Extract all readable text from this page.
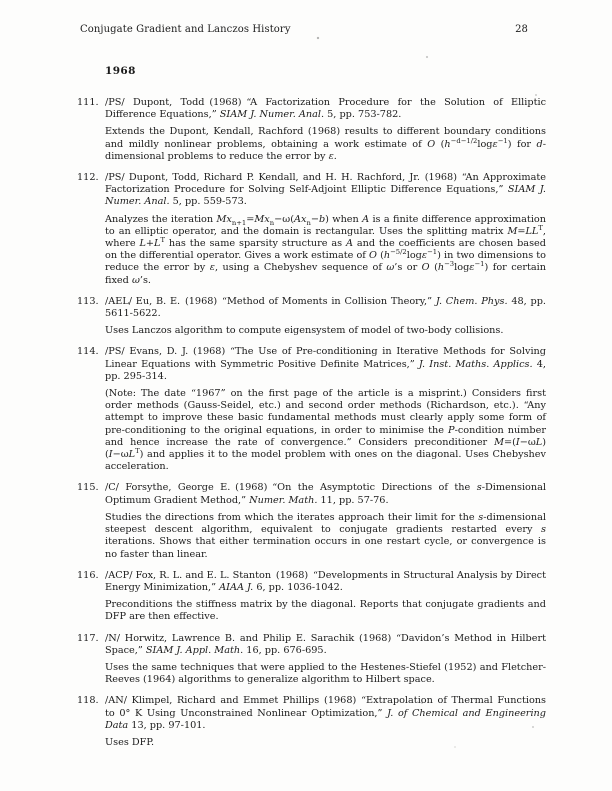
Conjugate Gradient and Lanczos History	28
1968
111. /PS/ Dupont, Todd (1968) “A Factorization Procedure for the Solution of Elliptic Difference Equations,” SIAM J. Numer. Anal. 5, pp. 753-782.

Extends the Dupont, Kendall, Rachford (1968) results to different boundary conditions and mildly nonlinear problems, obtaining a work estimate of O $(h^{-d-1/2}\log\varepsilon^{-1})$ for d-dimensional problems to reduce the error by ε.

112. /PS/ Dupont, Todd, Richard P. Kendall, and H. H. Rachford, Jr. (1968) “An Approximate Factorization Procedure for Solving Self-Adjoint Elliptic Difference Equations,” SIAM J. Numer. Anal. 5, pp. 559-573.

Analyzes the iteration $Mx_{n+1}=Mx_n-\omega(Ax_n-b)$ when A is a finite difference approximation to an elliptic operator, and the domain is rectangular. Uses the splitting matrix $M=LL^T$, where $L+L^T$ has the same sparsity structure as A and the coefficients are chosen based on the differential operator. Gives a work estimate of O $(h^{-5/2}\log\varepsilon^{-1})$ in two dimensions to reduce the error by ε, using a Chebyshev sequence of ω’s or O $(h^{-3}\log\varepsilon^{-1})$ for certain fixed ω’s.

113. /AEL/ Eu, B. E. (1968) “Method of Moments in Collision Theory,” J. Chem. Phys. 48, pp. 5611-5622.

Uses Lanczos algorithm to compute eigensystem of model of two-body collisions.

114. /PS/ Evans, D. J. (1968) “The Use of Pre-conditioning in Iterative Methods for Solving Linear Equations with Symmetric Positive Definite Matrices,” J. Inst. Maths. Applics. 4, pp. 295-314.

(Note: The date “1967” on the first page of the article is a misprint.) Considers first order methods (Gauss-Seidel, etc.) and second order methods (Richardson, etc.). “Any attempt to improve these basic fundamental methods must clearly apply some form of pre-conditioning to the original equations, in order to minimise the P-condition number and hence increase the rate of convergence.” Considers preconditioner $M=(I-\omega L)(I-\omega L^T)$ and applies it to the model problem with ones on the diagonal. Uses Chebyshev acceleration.

115. /C/ Forsythe, George E. (1968) “On the Asymptotic Directions of the s-Dimensional Optimum Gradient Method,” Numer. Math. 11, pp. 57-76.

Studies the directions from which the iterates approach their limit for the s-dimensional steepest descent algorithm, equivalent to conjugate gradients restarted every s iterations. Shows that either termination occurs in one restart cycle, or convergence is no faster than linear.

116. /ACP/ Fox, R. L. and E. L. Stanton (1968) “Developments in Structural Analysis by Direct Energy Minimization,” AIAA J. 6, pp. 1036-1042.

Preconditions the stiffness matrix by the diagonal. Reports that conjugate gradients and DFP are then effective.

117. /N/ Horwitz, Lawrence B. and Philip E. Sarachik (1968) “Davidon’s Method in Hilbert Space,” SIAM J. Appl. Math. 16, pp. 676-695.

Uses the same techniques that were applied to the Hestenes-Stiefel (1952) and Fletcher-Reeves (1964) algorithms to generalize algorithm to Hilbert space.

118. /AN/ Klimpel, Richard and Emmet Phillips (1968) “Extrapolation of Thermal Functions to 0° K Using Unconstrained Nonlinear Optimization,” J. of Chemical and Engineering Data 13, pp. 97-101.

Uses DFP.
